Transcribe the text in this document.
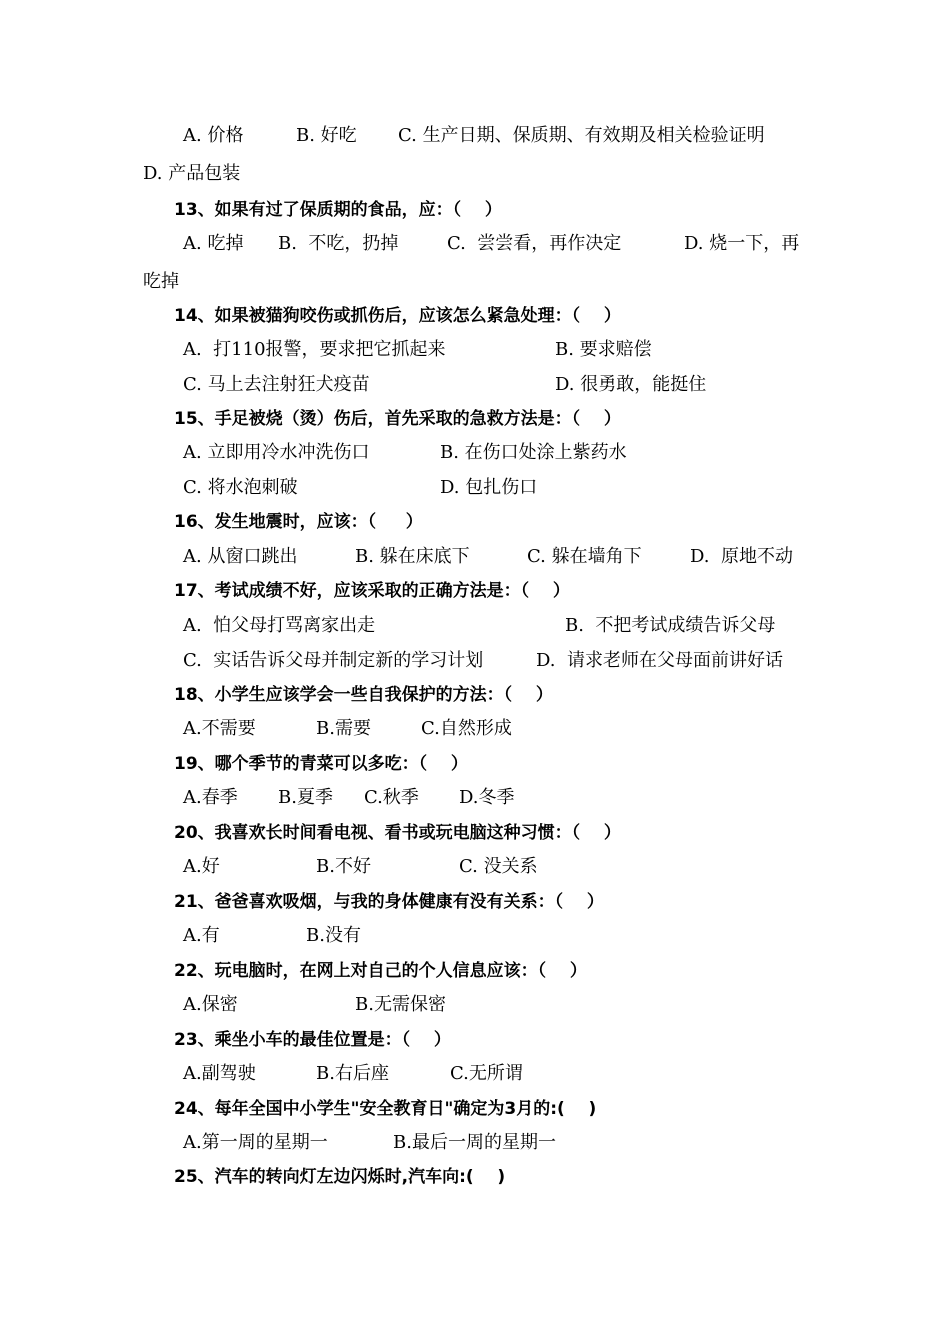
A. 价格	B. 好吃 C. 生产日期、保质期、有效期及相关检验证明
D. 产品包装
13、如果有过了保质期的食品，应：（    ）
A. 吃掉 B.  不吃，扔掉	C.  尝尝看，再作决定	D. 烧一下，再
吃掉
14、如果被猫狗咬伤或抓伤后，应该怎么紧急处理：（    ）
A.  打110报警，要求把它抓起来	B. 要求赔偿
C. 马上去注射狂犬疫苗	D. 很勇敢，能挺住
15、手足被烧（烫）伤后，首先采取的急救方法是：（    ）
A. 立即用冷水冲洗伤口	B. 在伤口处涂上紫药水
C. 将水泡刺破	D. 包扎伤口
16、发生地震时，应该：（     ）
A. 从窗口跳出	B. 躲在床底下	C. 躲在墙角下	D.  原地不动
17、考试成绩不好，应该采取的正确方法是：（    ）
A.  怕父母打骂离家出走	B.  不把考试成绩告诉父母
C.  实话告诉父母并制定新的学习计划	D.  请求老师在父母面前讲好话
18、小学生应该学会一些自我保护的方法：（    ）
A.不需要	B.需要	C.自然形成
19、哪个季节的青菜可以多吃：（    ）
A.春季 B.夏季 C.秋季 D.冬季
20、我喜欢长时间看电视、看书或玩电脑这种习惯：（    ）
A.好	B.不好	C. 没关系
21、爸爸喜欢吸烟，与我的身体健康有没有关系：（    ）
A.有	B.没有
22、玩电脑时，在网上对自己的个人信息应该：（    ）
A.保密	B.无需保密
23、乘坐小车的最佳位置是：（    ）
A.副驾驶	B.右后座	C.无所谓
24、每年全国中小学生"安全教育日"确定为3月的:(    )
A.第一周的星期一	B.最后一周的星期一
25、汽车的转向灯左边闪烁时,汽车向:(    )
